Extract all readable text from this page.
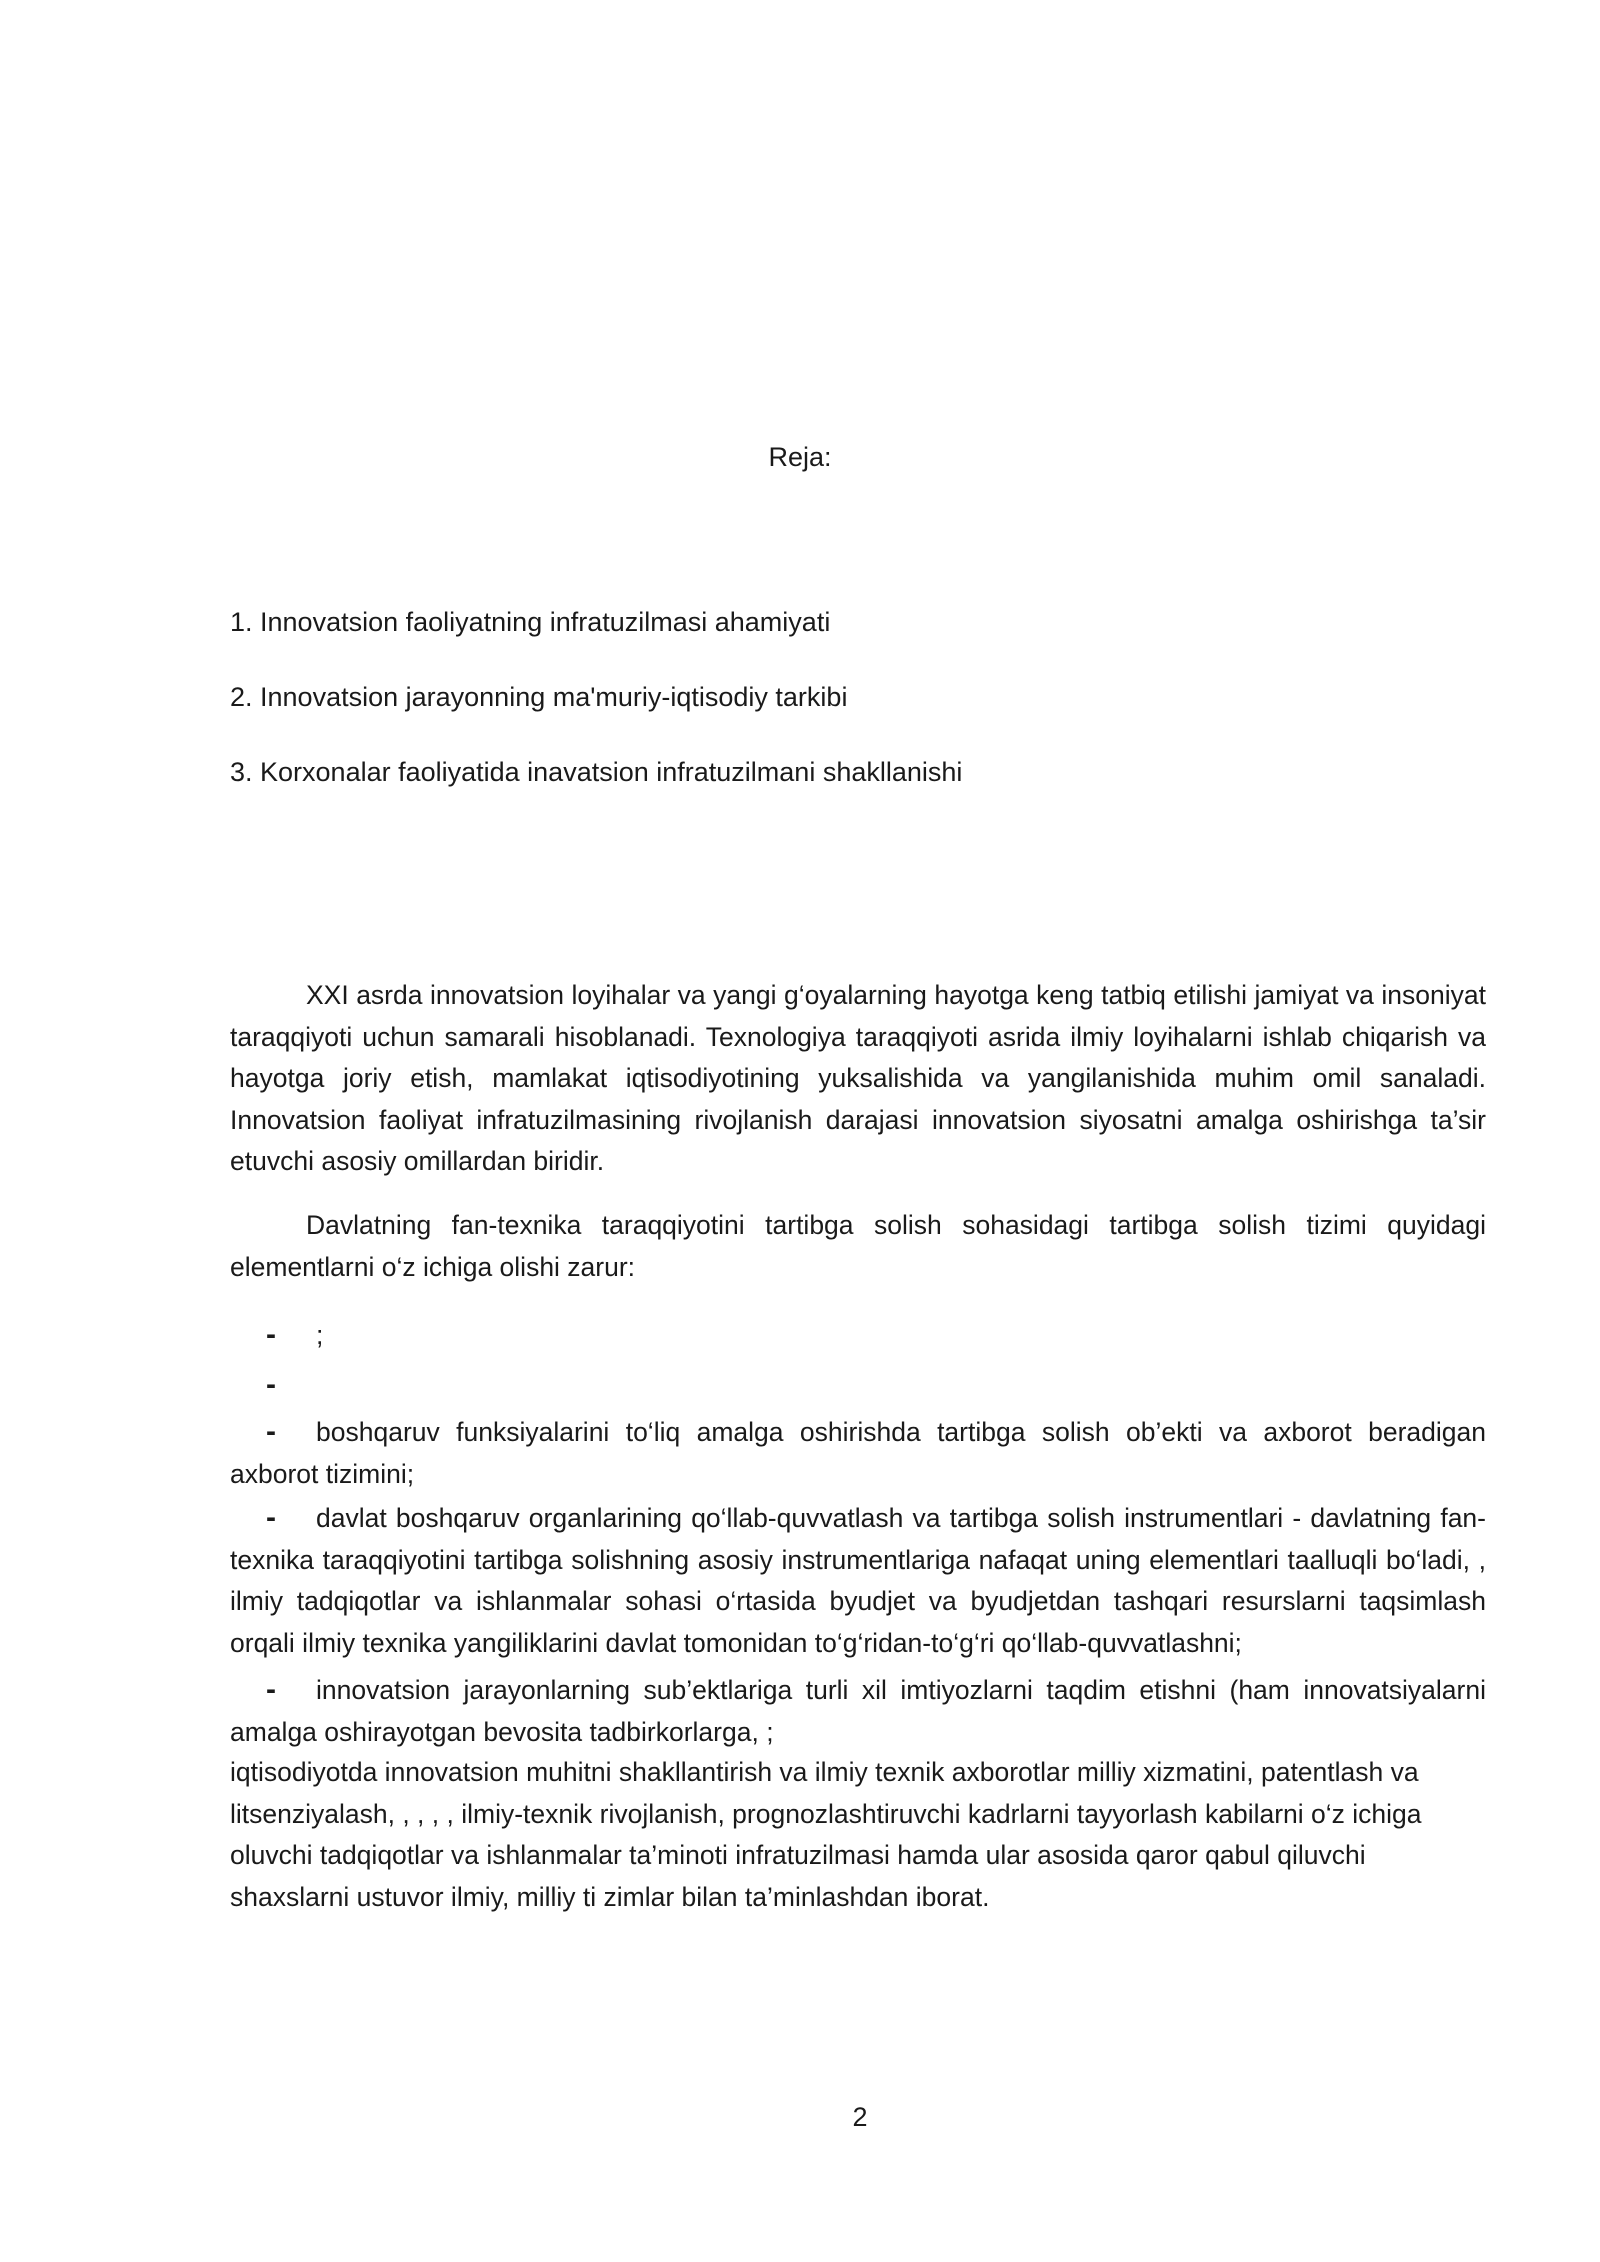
Reja:
1. Innovatsion faoliyatning infratuzilmasi ahamiyati
2. Innovatsion jarayonning ma'muriy-iqtisodiy tarkibi
3. Korxonalar faoliyatida inavatsion infratuzilmani shakllanishi

XXI asrda innovatsion loyihalar va yangi g‘oyalarning hayotga keng tatbiq etilishi jamiyat va insoniyat taraqqiyoti uchun samarali hisoblanadi. Texnologiya taraqqiyoti asrida ilmiy loyihalarni ishlab chiqarish va hayotga joriy etish, mamlakat iqtisodiyotining yuksalishida va yangilanishida muhim omil sanaladi. Innovatsion faoliyat infratuzilmasining rivojlanish darajasi innovatsion siyosatni amalga oshirishga ta’sir etuvchi asosiy omillardan biridir.

Davlatning fan-texnika taraqqiyotini tartibga solish sohasidagi tartibga solish tizimi quyidagi elementlarni o‘z ichiga olishi zarur:

- ;
-
- boshqaruv funksiyalarini to‘liq amalga oshirishda tartibga solish ob’ekti va axborot beradigan axborot tizimini;
- davlat boshqaruv organlarining qo‘llab-quvvatlash va tartibga solish instrumentlari - davlatning fan-texnika taraqqiyotini tartibga solishning asosiy instrumentlariga nafaqat uning elementlari taalluqli bo‘ladi, , ilmiy tadqiqotlar va ishlanmalar sohasi o‘rtasida byudjet va byudjetdan tashqari resurslarni taqsimlash orqali ilmiy texnika yangiliklarini davlat tomonidan to‘g‘ridan-to‘g‘ri qo‘llab-quvvatlashni;
- innovatsion jarayonlarning sub’ektlariga turli xil imtiyozlarni taqdim etishni (ham innovatsiyalarni amalga oshirayotgan bevosita tadbirkorlarga, ;

iqtisodiyotda innovatsion muhitni shakllantirish va ilmiy texnik axborotlar milliy xizmatini, patentlash va litsenziyalash, , , , , ilmiy-texnik rivojlanish, prognozlashtiruvchi kadrlarni tayyorlash kabilarni o‘z ichiga oluvchi tadqiqotlar va ishlanmalar ta’minoti infratuzilmasi hamda ular asosida qaror qabul qiluvchi shaxslarni ustuvor ilmiy, milliy ti zimlar bilan ta’minlashdan iborat.

2
